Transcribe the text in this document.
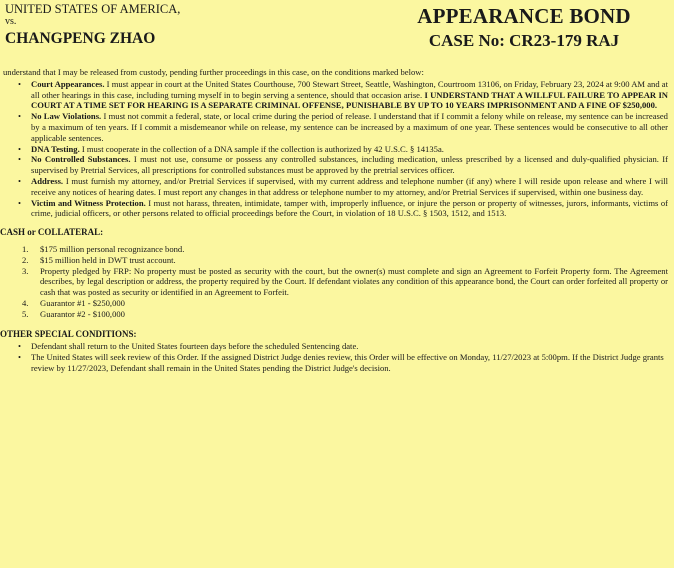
UNITED STATES OF AMERICA,
vs.
CHANGPENG ZHAO
APPEARANCE BOND
CASE No: CR23-179 RAJ

understand that I may be released from custody, pending further proceedings in this case, on the conditions marked below:

• Court Appearances. I must appear in court at the United States Courthouse, 700 Stewart Street, Seattle, Washington, Courtroom 13106, on Friday, February 23, 2024 at 9:00 AM and at all other hearings in this case, including turning myself in to begin serving a sentence, should that occasion arise. I UNDERSTAND THAT A WILLFUL FAILURE TO APPEAR IN COURT AT A TIME SET FOR HEARING IS A SEPARATE CRIMINAL OFFENSE, PUNISHABLE BY UP TO 10 YEARS IMPRISONMENT AND A FINE OF $250,000.
• No Law Violations. I must not commit a federal, state, or local crime during the period of release. I understand that if I commit a felony while on release, my sentence can be increased by a maximum of ten years. If I commit a misdemeanor while on release, my sentence can be increased by a maximum of one year. These sentences would be consecutive to all other applicable sentences.
• DNA Testing. I must cooperate in the collection of a DNA sample if the collection is authorized by 42 U.S.C. § 14135a.
• No Controlled Substances. I must not use, consume or possess any controlled substances, including medication, unless prescribed by a licensed and duly-qualified physician. If supervised by Pretrial Services, all prescriptions for controlled substances must be approved by the pretrial services officer.
• Address. I must furnish my attorney, and/or Pretrial Services if supervised, with my current address and telephone number (if any) where I will reside upon release and where I will receive any notices of hearing dates. I must report any changes in that address or telephone number to my attorney, and/or Pretrial Services if supervised, within one business day.
• Victim and Witness Protection. I must not harass, threaten, intimidate, tamper with, improperly influence, or injure the person or property of witnesses, jurors, informants, victims of crime, judicial officers, or other persons related to official proceedings before the Court, in violation of 18 U.S.C. § 1503, 1512, and 1513.
CASH or COLLATERAL:
1. $175 million personal recognizance bond.
2. $15 million held in DWT trust account.
3. Property pledged by FRP: No property must be posted as security with the court, but the owner(s) must complete and sign an Agreement to Forfeit Property form. The Agreement describes, by legal description or address, the property required by the Court. If defendant violates any condition of this appearance bond, the Court can order forfeited all property or cash that was posted as security or identified in an Agreement to Forfeit.
4. Guarantor #1 - $250,000
5. Guarantor #2 - $100,000
OTHER SPECIAL CONDITIONS:
• Defendant shall return to the United States fourteen days before the scheduled Sentencing date.
• The United States will seek review of this Order. If the assigned District Judge denies review, this Order will be effective on Monday, 11/27/2023 at 5:00pm. If the District Judge grants review by 11/27/2023, Defendant shall remain in the United States pending the District Judge's decision.
